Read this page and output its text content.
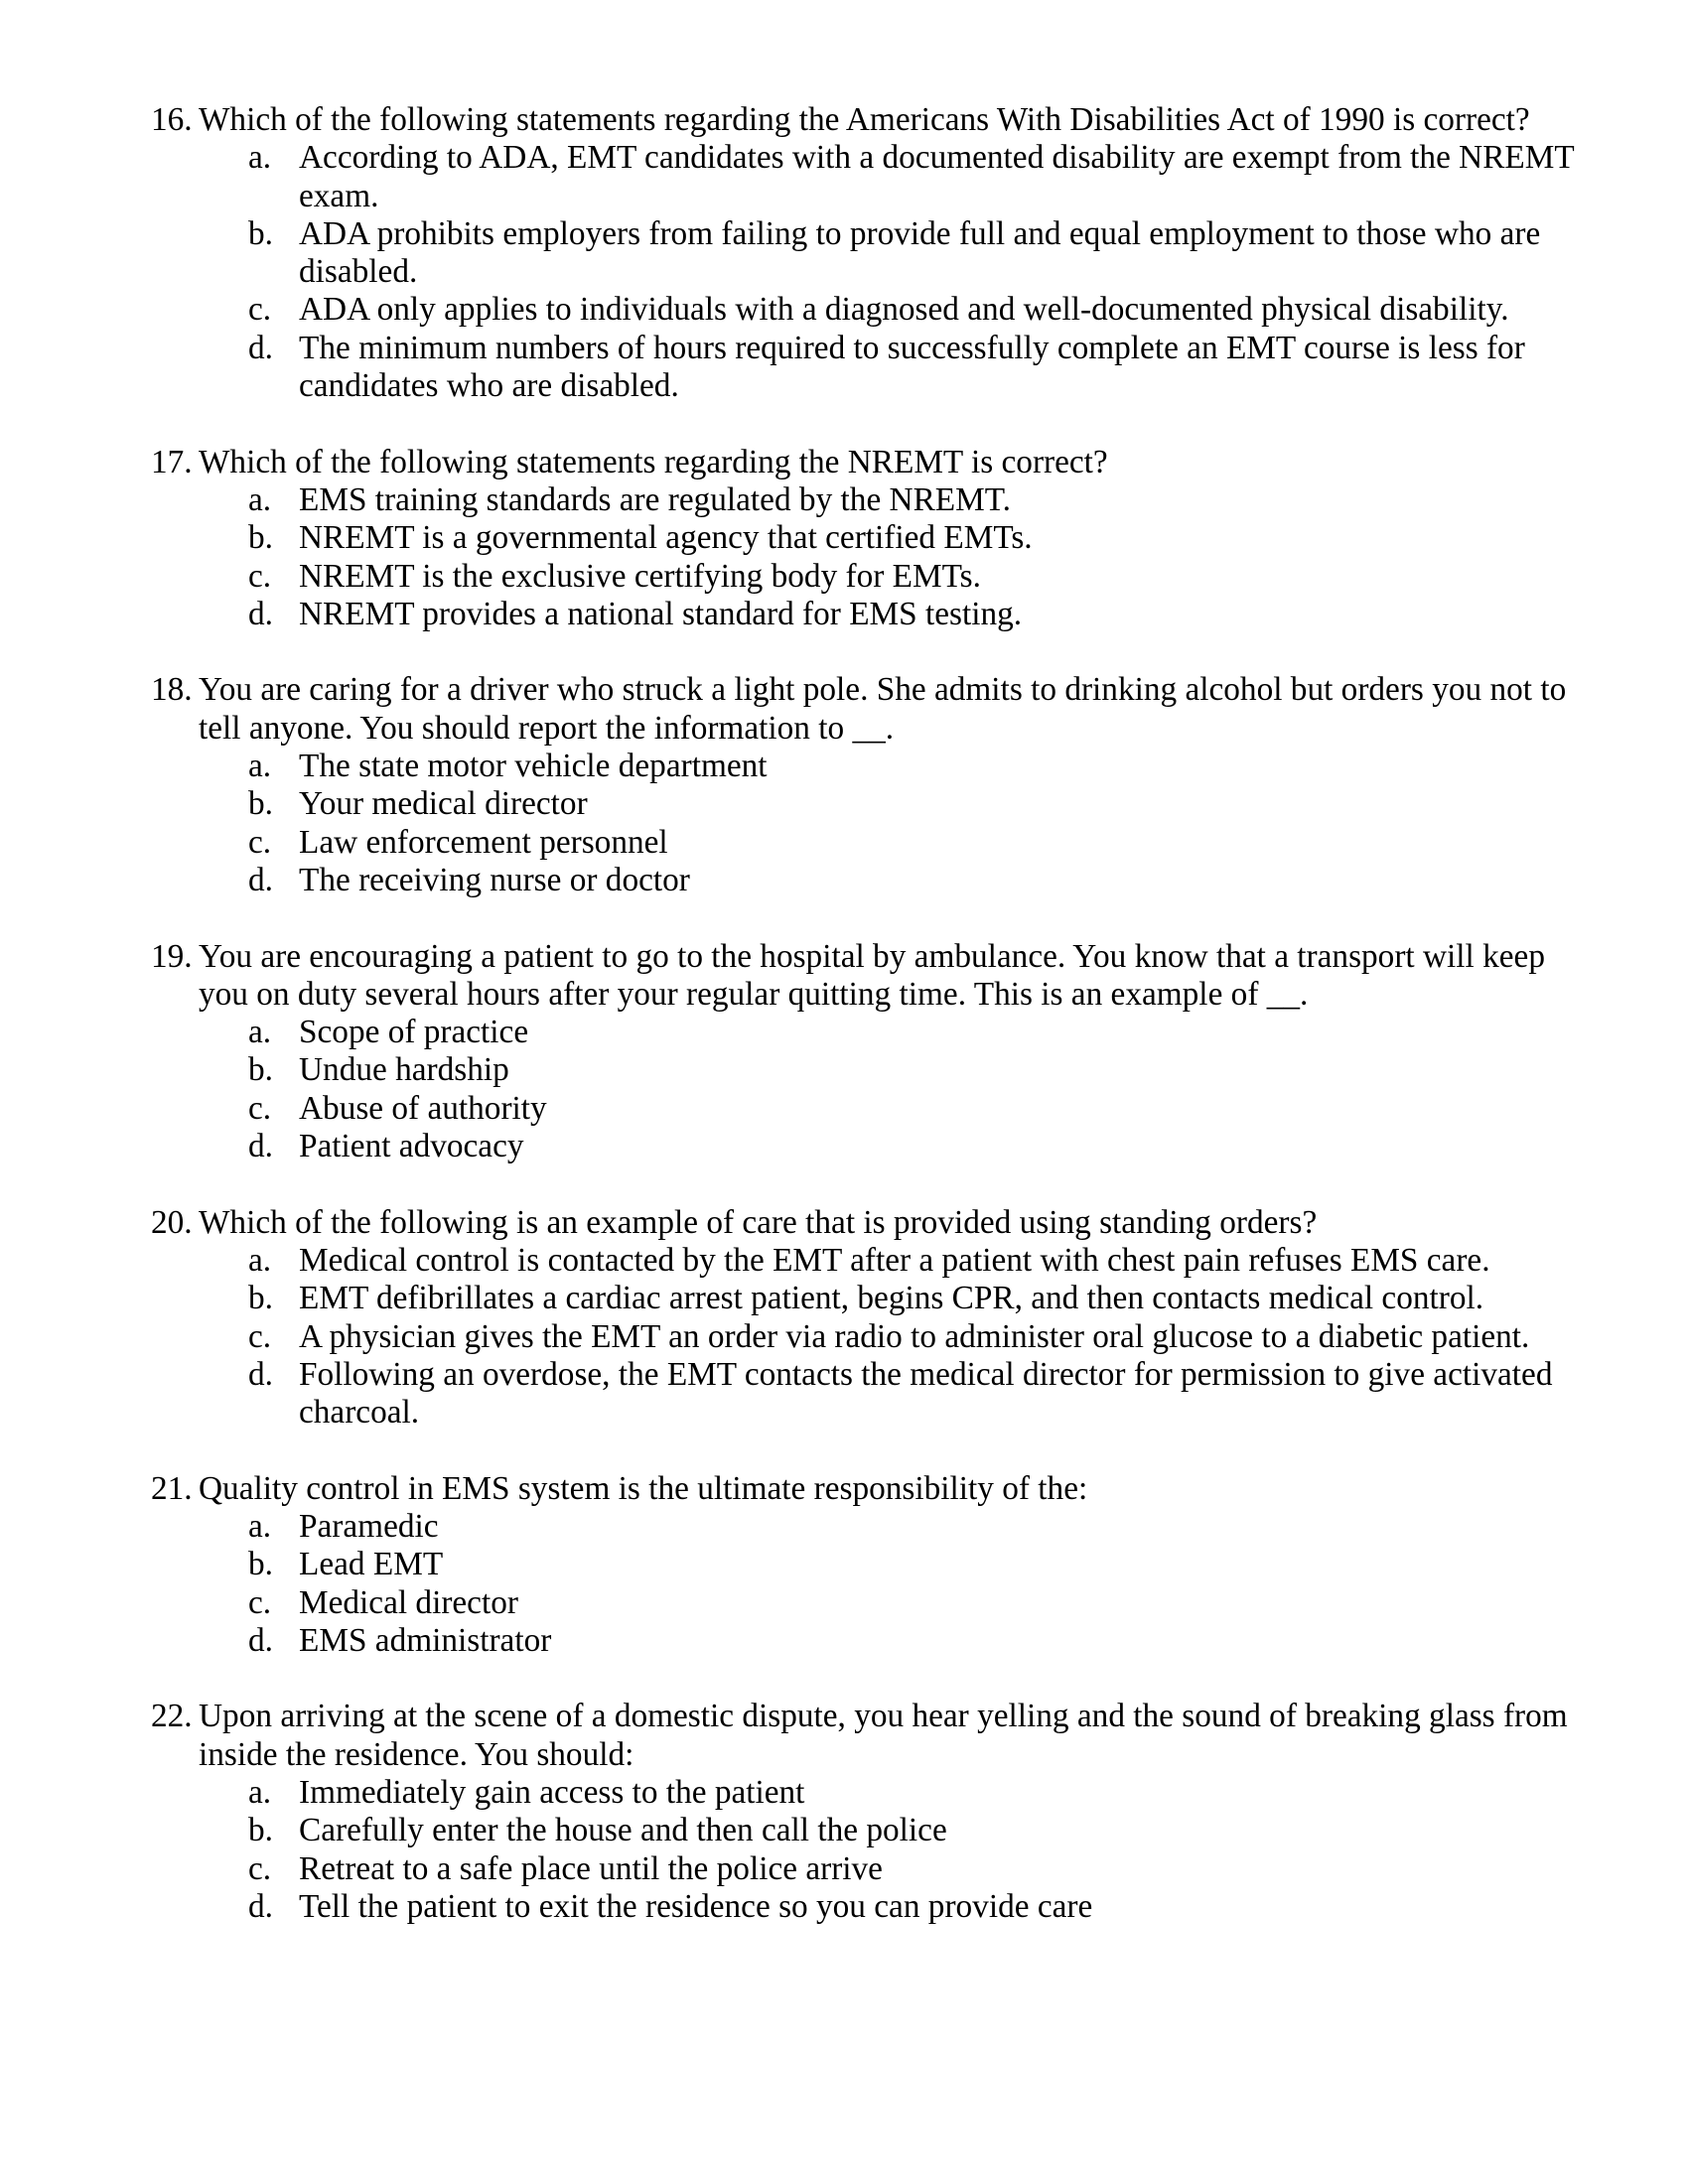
16. Which of the following statements regarding the Americans With Disabilities Act of 1990 is correct?
a. According to ADA, EMT candidates with a documented disability are exempt from the NREMT
exam.
b. ADA prohibits employers from failing to provide full and equal employment to those who are
disabled.
c. ADA only applies to individuals with a diagnosed and well-documented physical disability.
d. The minimum numbers of hours required to successfully complete an EMT course is less for
candidates who are disabled.
17. Which of the following statements regarding the NREMT is correct?
a. EMS training standards are regulated by the NREMT.
b. NREMT is a governmental agency that certified EMTs.
c. NREMT is the exclusive certifying body for EMTs.
d. NREMT provides a national standard for EMS testing.
18. You are caring for a driver who struck a light pole. She admits to drinking alcohol but orders you not to
tell anyone. You should report the information to __.
a. The state motor vehicle department
b. Your medical director
c. Law enforcement personnel
d. The receiving nurse or doctor
19. You are encouraging a patient to go to the hospital by ambulance. You know that a transport will keep
you on duty several hours after your regular quitting time. This is an example of __.
a. Scope of practice
b. Undue hardship
c. Abuse of authority
d. Patient advocacy
20. Which of the following is an example of care that is provided using standing orders?
a. Medical control is contacted by the EMT after a patient with chest pain refuses EMS care.
b. EMT defibrillates a cardiac arrest patient, begins CPR, and then contacts medical control.
c. A physician gives the EMT an order via radio to administer oral glucose to a diabetic patient.
d. Following an overdose, the EMT contacts the medical director for permission to give activated
charcoal.
21. Quality control in EMS system is the ultimate responsibility of the:
a. Paramedic
b. Lead EMT
c. Medical director
d. EMS administrator
22. Upon arriving at the scene of a domestic dispute, you hear yelling and the sound of breaking glass from
inside the residence. You should:
a. Immediately gain access to the patient
b. Carefully enter the house and then call the police
c. Retreat to a safe place until the police arrive
d. Tell the patient to exit the residence so you can provide care
